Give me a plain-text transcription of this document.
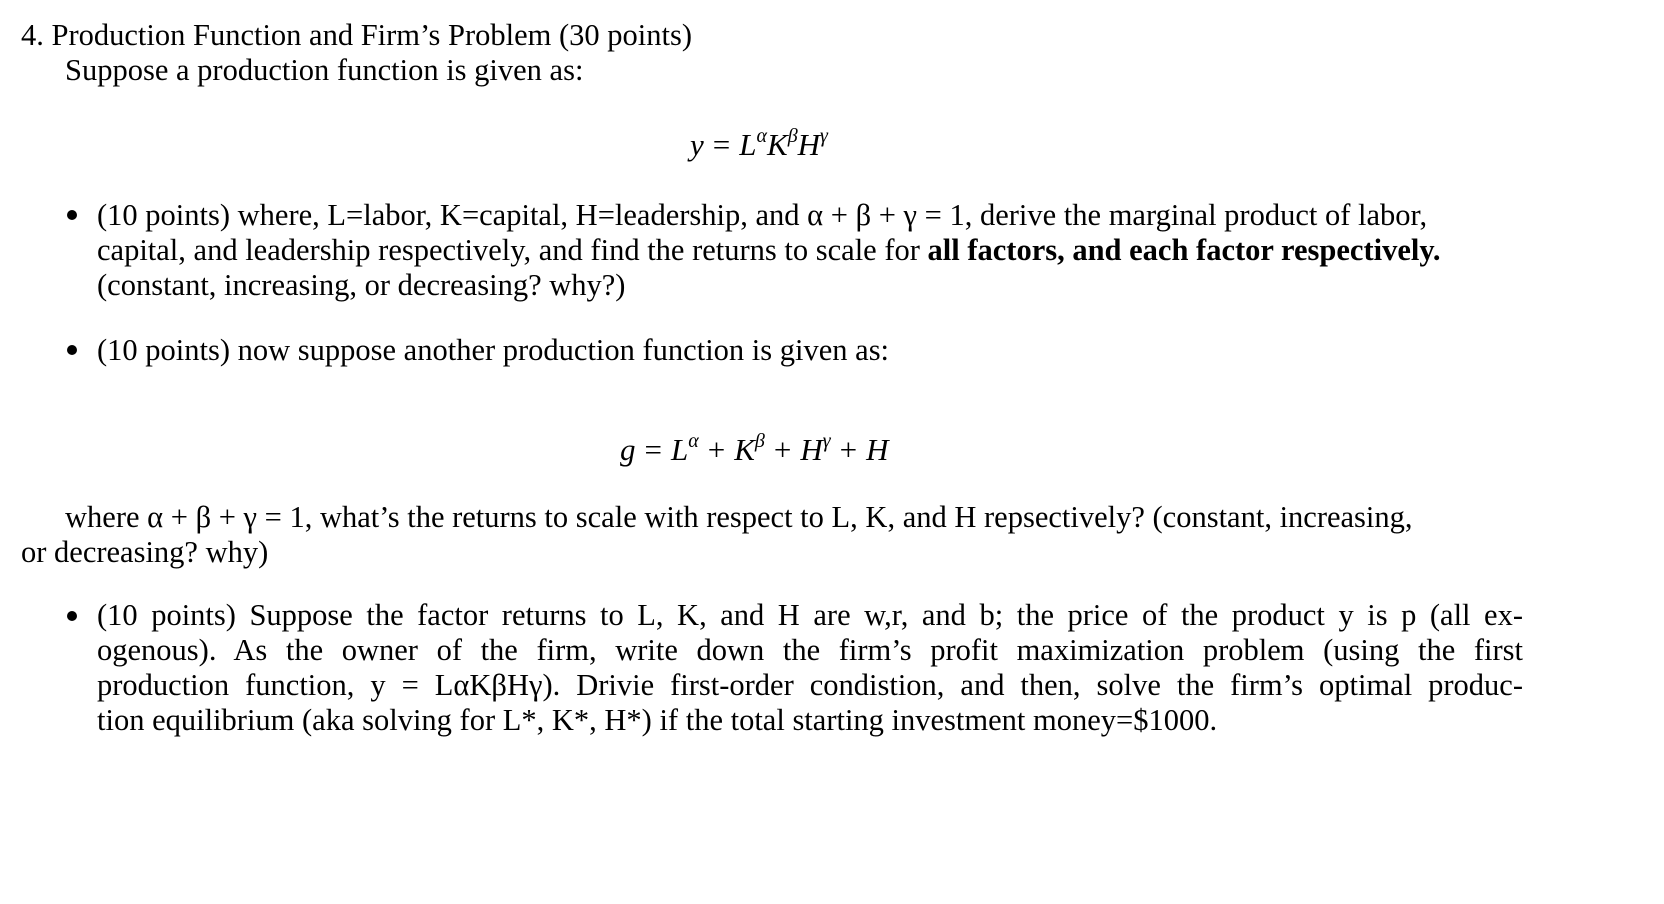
4. Production Function and Firm’s Problem (30 points)
Suppose a production function is given as:
$y = L^\alpha K^\beta H^\gamma$
(10 points) where, L=labor, K=capital, H=leadership, and α + β + γ = 1, derive the marginal product of labor,
capital, and leadership respectively, and find the returns to scale for all factors, and each factor respectively.
(constant, increasing, or decreasing? why?)
(10 points) now suppose another production function is given as:
$g = L^\alpha + K^\beta + H^\gamma + H$
where α + β + γ = 1, what’s the returns to scale with respect to L, K, and H repsectively? (constant, increasing,
or decreasing? why)
(10 points) Suppose the factor returns to L, K, and H are w,r, and b; the price of the product y is p (all ex-
ogenous). As the owner of the firm, write down the firm’s profit maximization problem (using the first
production function, y = LαKβHγ). Drivie first-order condistion, and then, solve the firm’s optimal produc-
tion equilibrium (aka solving for L*, K*, H*) if the total starting investment money=$1000.
